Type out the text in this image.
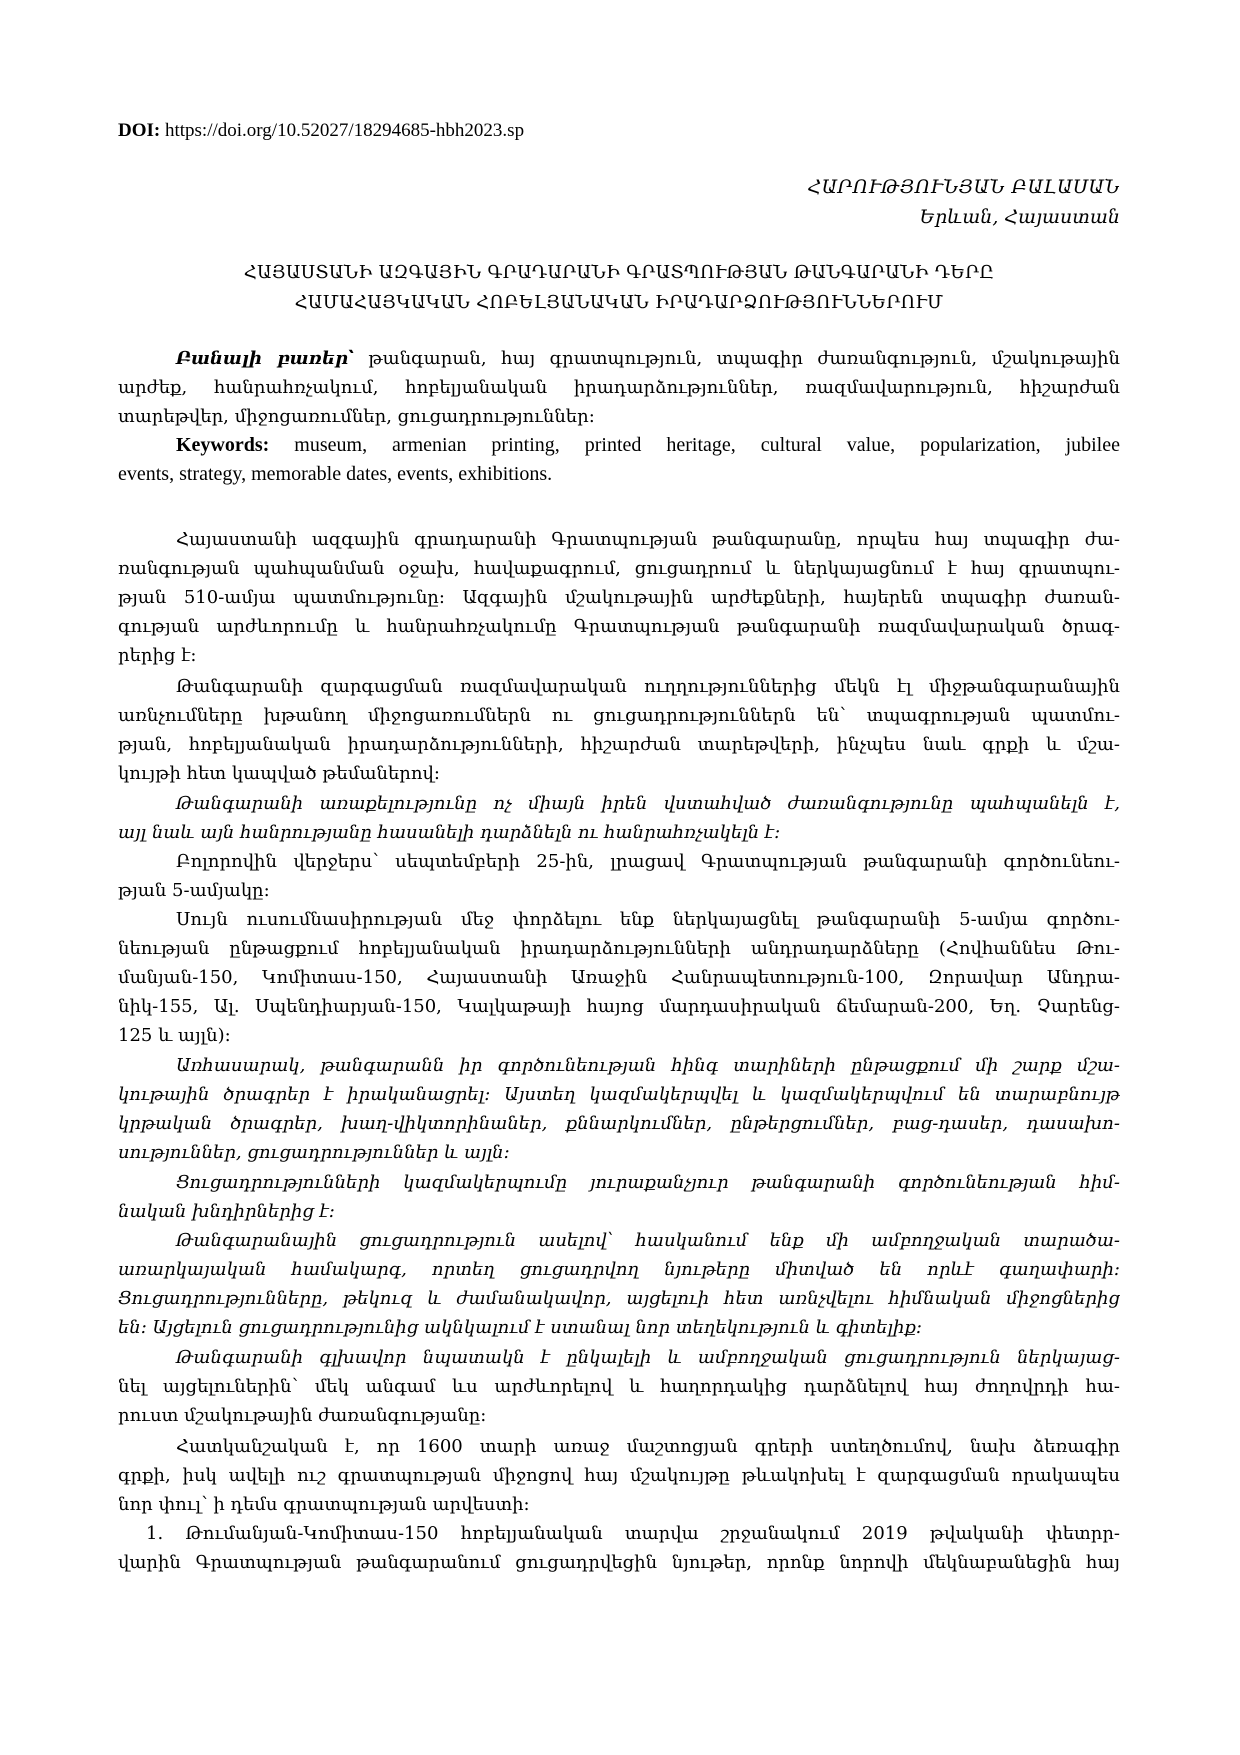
DOI: https://doi.org/10.52027/18294685-hbh2023.sp
ՀԱՐՈՒԹՅՈՒՆՅԱՆ ԲԱԼԱՍԱՆ
Երևան, Հայաստան
ՀԱՅԱՍՏԱՆԻ ԱԶԳԱՅԻՆ ԳՐԱԴԱՐԱՆԻ ԳՐԱՏՊՈՒԹՅԱՆ ԹԱՆԳԱՐԱՆԻ ԴԵՐԸ
ՀԱՄԱՀԱՅԿԱԿԱՆ ՀՈԲԵԼՅԱՆԱԿԱՆ ԻՐԱԴԱՐՁՈՒԹՅՈՒՆՆԵՐՈՒՄ
Բանալի բառեր՝ թանգարան, հայ գրատպություն, տպագիր ժառանգություն, մշակութային
արժեք, հանրահռչակում, հոբելյանական իրադարձություններ, ռազմավարություն, հիշարժան
տարեթվեր, միջոցառումներ, ցուցադրություններ:
Keywords: museum, armenian printing, printed heritage, cultural value, popularization, jubilee
events, strategy, memorable dates, events, exhibitions.
Հայաստանի ազգային գրադարանի Գրատպության թանգարանը, որպես հայ տպագիր ժա-
ռանգության պահպանման օջախ, հավաքագրում, ցուցադրում և ներկայացնում է հայ գրատպու-
թյան 510-ամյա պատմությունը: Ազգային մշակութային արժեքների, հայերեն տպագիր ժառան-
գության արժևորումը և հանրահռչակումը Գրատպության թանգարանի ռազմավարական ծրագ-
րերից է:
Թանգարանի զարգացման ռազմավարական ուղղություններից մեկն էլ միջթանգարանային
առնչումները խթանող միջոցառումներն ու ցուցադրություններն են՝ տպագրության պատմու-
թյան, հոբելյանական իրադարձությունների, հիշարժան տարեթվերի, ինչպես նաև գրքի և մշա-
կույթի հետ կապված թեմաներով:
Թանգարանի առաքելությունը ոչ միայն իրեն վստահված ժառանգությունը պահպանելն է,
այլ նաև այն հանրությանը հասանելի դարձնելն ու հանրահռչակելն է:
Բոլորովին վերջերս՝ սեպտեմբերի 25-ին, լրացավ Գրատպության թանգարանի գործունեու-
թյան 5-ամյակը:
Սույն ուսումնասիրության մեջ փորձելու ենք ներկայացնել թանգարանի 5-ամյա գործու-
նեության ընթացքում հոբելյանական իրադարձությունների անդրադարձները (Հովհաննես Թու-
մանյան-150, Կոմիտաս-150, Հայաստանի Առաջին Հանրապետություն-100, Զորավար Անդրա-
նիկ-155, Ալ. Սպենդիարյան-150, Կալկաթայի հայոց մարդասիրական ճեմարան-200, Եղ. Չարենց-
125 և այլն):
Առհասարակ, թանգարանն իր գործունեության հինգ տարիների ընթացքում մի շարք մշա-
կութային ծրագրեր է իրականացրել: Այստեղ կազմակերպվել և կազմակերպվում են տարաբնույթ
կրթական ծրագրեր, խաղ-վիկտորինաներ, քննարկումներ, ընթերցումներ, բաց-դասեր, դասախո-
սություններ, ցուցադրություններ և այլն:
Ցուցադրությունների կազմակերպումը յուրաքանչյուր թանգարանի գործունեության հիմ-
նական խնդիրներից է:
Թանգարանային ցուցադրություն ասելով՝ հասկանում ենք մի ամբողջական տարածա-
առարկայական համակարգ, որտեղ ցուցադրվող նյութերը միտված են որևէ գաղափարի:
Ցուցադրությունները, թեկուզ և ժամանակավոր, այցելուի հետ առնչվելու հիմնական միջոցներից
են: Այցելուն ցուցադրությունից ակնկալում է ստանալ նոր տեղեկություն և գիտելիք:
Թանգարանի գլխավոր նպատակն է ընկալելի և ամբողջական ցուցադրություն ներկայաց-
նել այցելուներին՝ մեկ անգամ ևս արժևորելով և հաղորդակից դարձնելով հայ ժողովրդի հա-
րուստ մշակութային ժառանգությանը:
Հատկանշական է, որ 1600 տարի առաջ մաշտոցյան գրերի ստեղծումով, նախ ձեռագիր
գրքի, իսկ ավելի ուշ գրատպության միջոցով հայ մշակույթը թևակոխել է զարգացման որակապես
նոր փուլ՝ ի դեմս գրատպության արվեստի:
1. Թումանյան-Կոմիտաս-150 հոբելյանական տարվա շրջանակում 2019 թվականի փետրր-
վարին Գրատպության թանգարանում ցուցադրվեցին նյութեր, որոնք նորովի մեկնաբանեցին հայ
